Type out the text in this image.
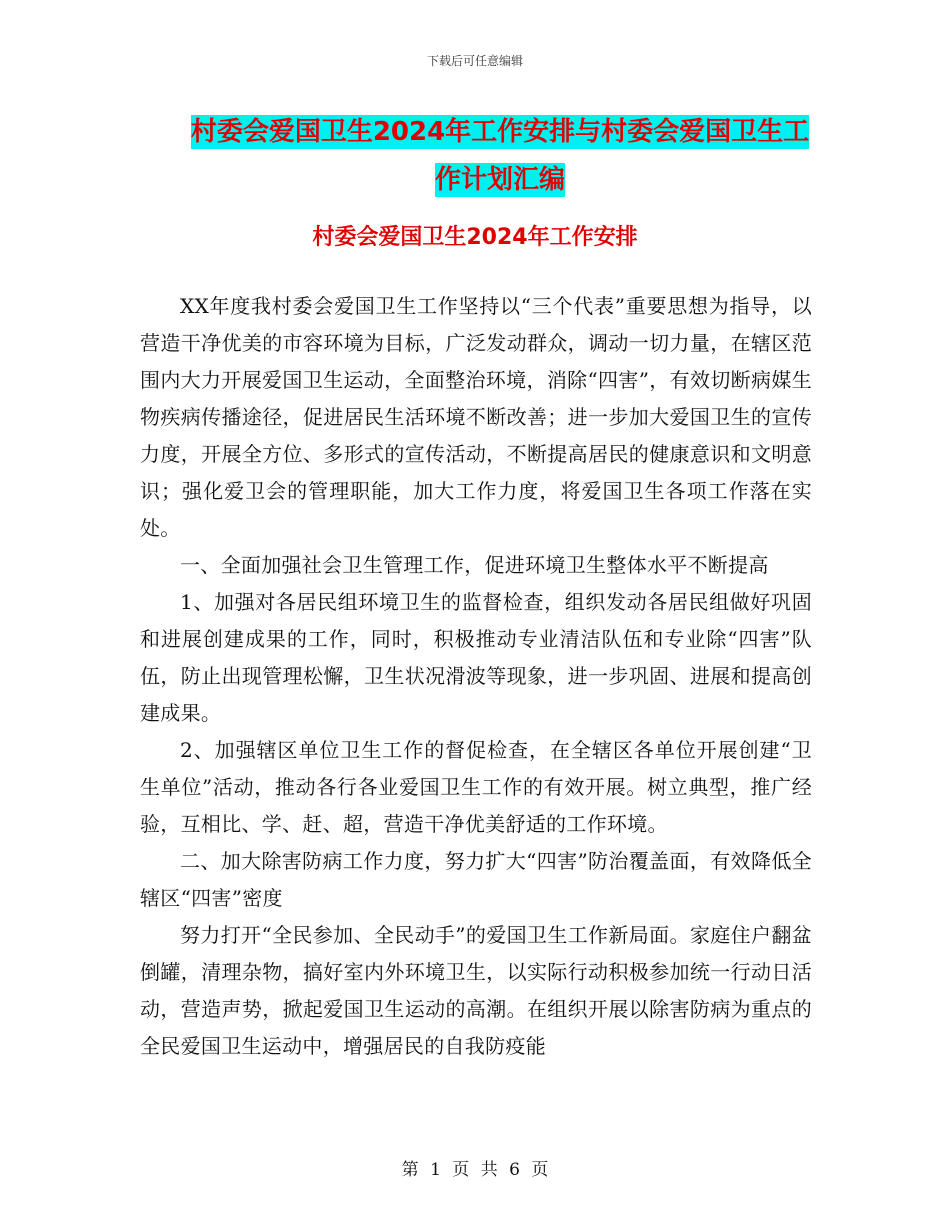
下载后可任意编辑
村委会爱国卫生2024年工作安排与村委会爱国卫生工
作计划汇编
村委会爱国卫生2024年工作安排

XX年度我村委会爱国卫生工作坚持以“三个代表”重要思想为指导，以营造干净优美的市容环境为目标，广泛发动群众，调动一切力量，在辖区范围内大力开展爱国卫生运动，全面整治环境，消除“四害”，有效切断病媒生物疾病传播途径，促进居民生活环境不断改善；进一步加大爱国卫生的宣传力度，开展全方位、多形式的宣传活动，不断提高居民的健康意识和文明意识；强化爱卫会的管理职能，加大工作力度，将爱国卫生各项工作落在实处。

一、全面加强社会卫生管理工作，促进环境卫生整体水平不断提高

1、加强对各居民组环境卫生的监督检查，组织发动各居民组做好巩固和进展创建成果的工作，同时，积极推动专业清洁队伍和专业除“四害”队伍，防止出现管理松懈，卫生状况滑波等现象，进一步巩固、进展和提高创建成果。

2、加强辖区单位卫生工作的督促检查，在全辖区各单位开展创建“卫生单位”活动，推动各行各业爱国卫生工作的有效开展。树立典型，推广经验，互相比、学、赶、超，营造干净优美舒适的工作环境。

二、加大除害防病工作力度，努力扩大“四害”防治覆盖面，有效降低全辖区“四害”密度

努力打开“全民参加、全民动手”的爱国卫生工作新局面。家庭住户翻盆倒罐，清理杂物，搞好室内外环境卫生，以实际行动积极参加统一行动日活动，营造声势，掀起爱国卫生运动的高潮。在组织开展以除害防病为重点的全民爱国卫生运动中，增强居民的自我防疫能

第 1 页 共 6 页
